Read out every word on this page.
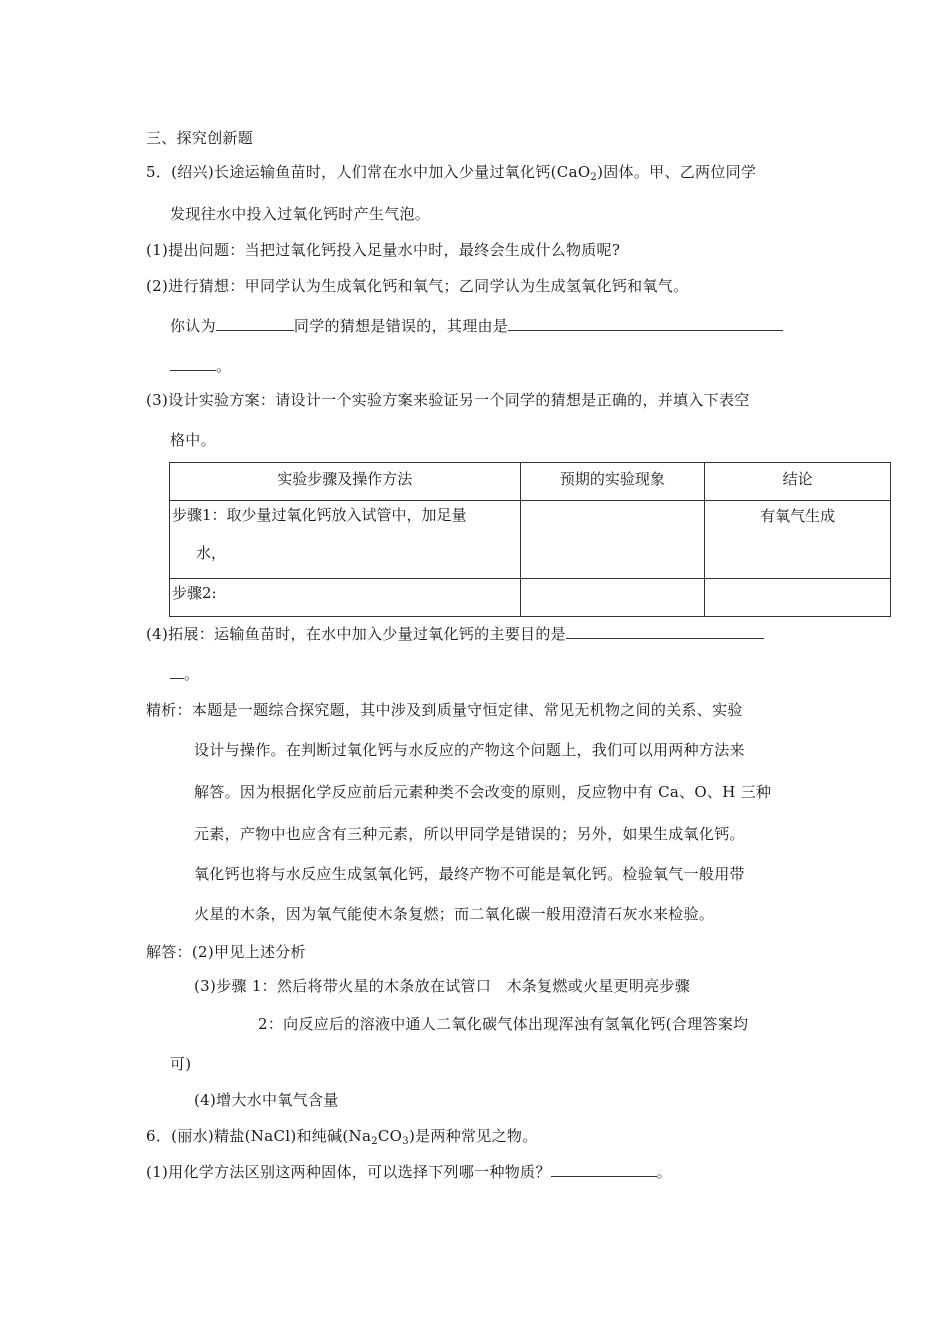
三、探究创新题
5．(绍兴)长途运输鱼苗时，人们常在水中加入少量过氧化钙(CaO$_2$)固体。甲、乙两位同学
发现往水中投入过氧化钙时产生气泡。
(1)提出问题：当把过氧化钙投入足量水中时，最终会生成什么物质呢?
(2)进行猜想：甲同学认为生成氧化钙和氧气；乙同学认为生成氢氧化钙和氧气。
你认为	同学的猜想是错误的，其理由是
。
(3)设计实验方案：请设计一个实验方案来验证另一个同学的猜想是正确的，并填入下表空
格中。
实验步骤及操作方法	预期的实验现象	结论

步骤1：取少量过氧化钙放入试管中，加足量
水，		有氧气生成

步骤2:		

(4)拓展：运输鱼苗时，在水中加入少量过氧化钙的主要目的是
。
精析：本题是一题综合探究题，其中涉及到质量守恒定律、常见无机物之间的关系、实验
设计与操作。在判断过氧化钙与水反应的产物这个问题上，我们可以用两种方法来
解答。因为根据化学反应前后元素种类不会改变的原则，反应物中有 Ca、O、H 三种
元素，产物中也应含有三种元素，所以甲同学是错误的；另外，如果生成氧化钙。
氧化钙也将与水反应生成氢氧化钙，最终产物不可能是氧化钙。检验氧气一般用带
火星的木条，因为氧气能使木条复燃；而二氧化碳一般用澄清石灰水来检验。
解答：(2)甲见上述分析
(3)步骤 1：然后将带火星的木条放在试管口　木条复燃或火星更明亮步骤
2：向反应后的溶液中通人二氧化碳气体出现浑浊有氢氧化钙(合理答案均
可)
(4)增大水中氧气含量
6．(丽水)精盐(NaCl)和纯碱$(Na_2CO_3)$是两种常见之物。
(1)用化学方法区别这两种固体，可以选择下列哪一种物质？	。
